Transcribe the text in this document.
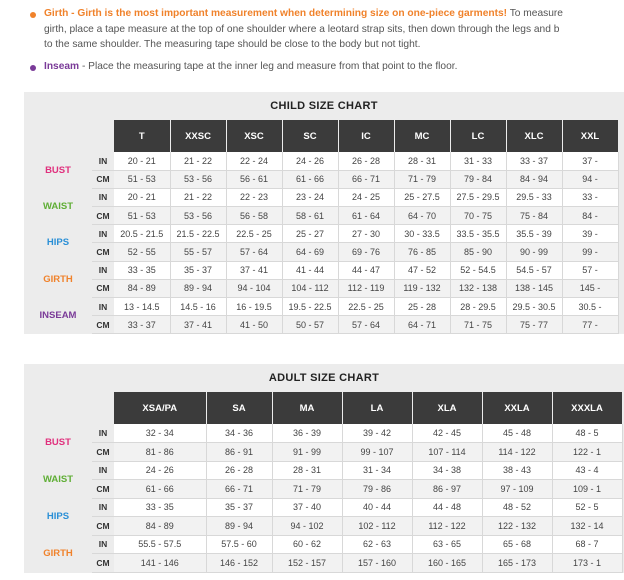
Girth - Girth is the most important measurement when determining size on one-piece garments! To measure
girth, place a tape measure at the top of one shoulder where a leotard strap sits, then down through the legs and b
to the same shoulder. The measuring tape should be close to the body but not tight.
Inseam - Place the measuring tape at the inner leg and measure from that point to the floor.
CHILD SIZE CHART
		T	XXSC	XSC	SC	IC	MC	LC	XLC	XXL
BUST	IN	20 - 21	21 - 22	22 - 24	24 - 26	26 - 28	28 - 31	31 - 33	33 - 37	37 -
	CM	51 - 53	53 - 56	56 - 61	61 - 66	66 - 71	71 - 79	79 - 84	84 - 94	94 -
WAIST	IN	20 - 21	21 - 22	22 - 23	23 - 24	24 - 25	25 - 27.5	27.5 - 29.5	29.5 - 33	33 -
	CM	51 - 53	53 - 56	56 - 58	58 - 61	61 - 64	64 - 70	70 - 75	75 - 84	84 -
HIPS	IN	20.5 - 21.5	21.5 - 22.5	22.5 - 25	25 - 27	27 - 30	30 - 33.5	33.5 - 35.5	35.5 - 39	39 -
	CM	52 - 55	55 - 57	57 - 64	64 - 69	69 - 76	76 - 85	85 - 90	90 - 99	99 -
GIRTH	IN	33 - 35	35 - 37	37 - 41	41 - 44	44 - 47	47 - 52	52 - 54.5	54.5 - 57	57 -
	CM	84 - 89	89 - 94	94 - 104	104 - 112	112 - 119	119 - 132	132 - 138	138 - 145	145 -
INSEAM	IN	13 - 14.5	14.5 - 16	16 - 19.5	19.5 - 22.5	22.5 - 25	25 - 28	28 - 29.5	29.5 - 30.5	30.5 -
	CM	33 - 37	37 - 41	41 - 50	50 - 57	57 - 64	64 - 71	71 - 75	75 - 77	77 -
ADULT SIZE CHART
		XSA/PA	SA	MA	LA	XLA	XXLA	XXXLA
BUST	IN	32 - 34	34 - 36	36 - 39	39 - 42	42 - 45	45 - 48	48 - 5
	CM	81 - 86	86 - 91	91 - 99	99 - 107	107 - 114	114 - 122	122 - 1
WAIST	IN	24 - 26	26 - 28	28 - 31	31 - 34	34 - 38	38 - 43	43 - 4
	CM	61 - 66	66 - 71	71 - 79	79 - 86	86 - 97	97 - 109	109 - 1
HIPS	IN	33 - 35	35 - 37	37 - 40	40 - 44	44 - 48	48 - 52	52 - 5
	CM	84 - 89	89 - 94	94 - 102	102 - 112	112 - 122	122 - 132	132 - 14
GIRTH	IN	55.5 - 57.5	57.5 - 60	60 - 62	62 - 63	63 - 65	65 - 68	68 - 7
	CM	141 - 146	146 - 152	152 - 157	157 - 160	160 - 165	165 - 173	173 - 1
